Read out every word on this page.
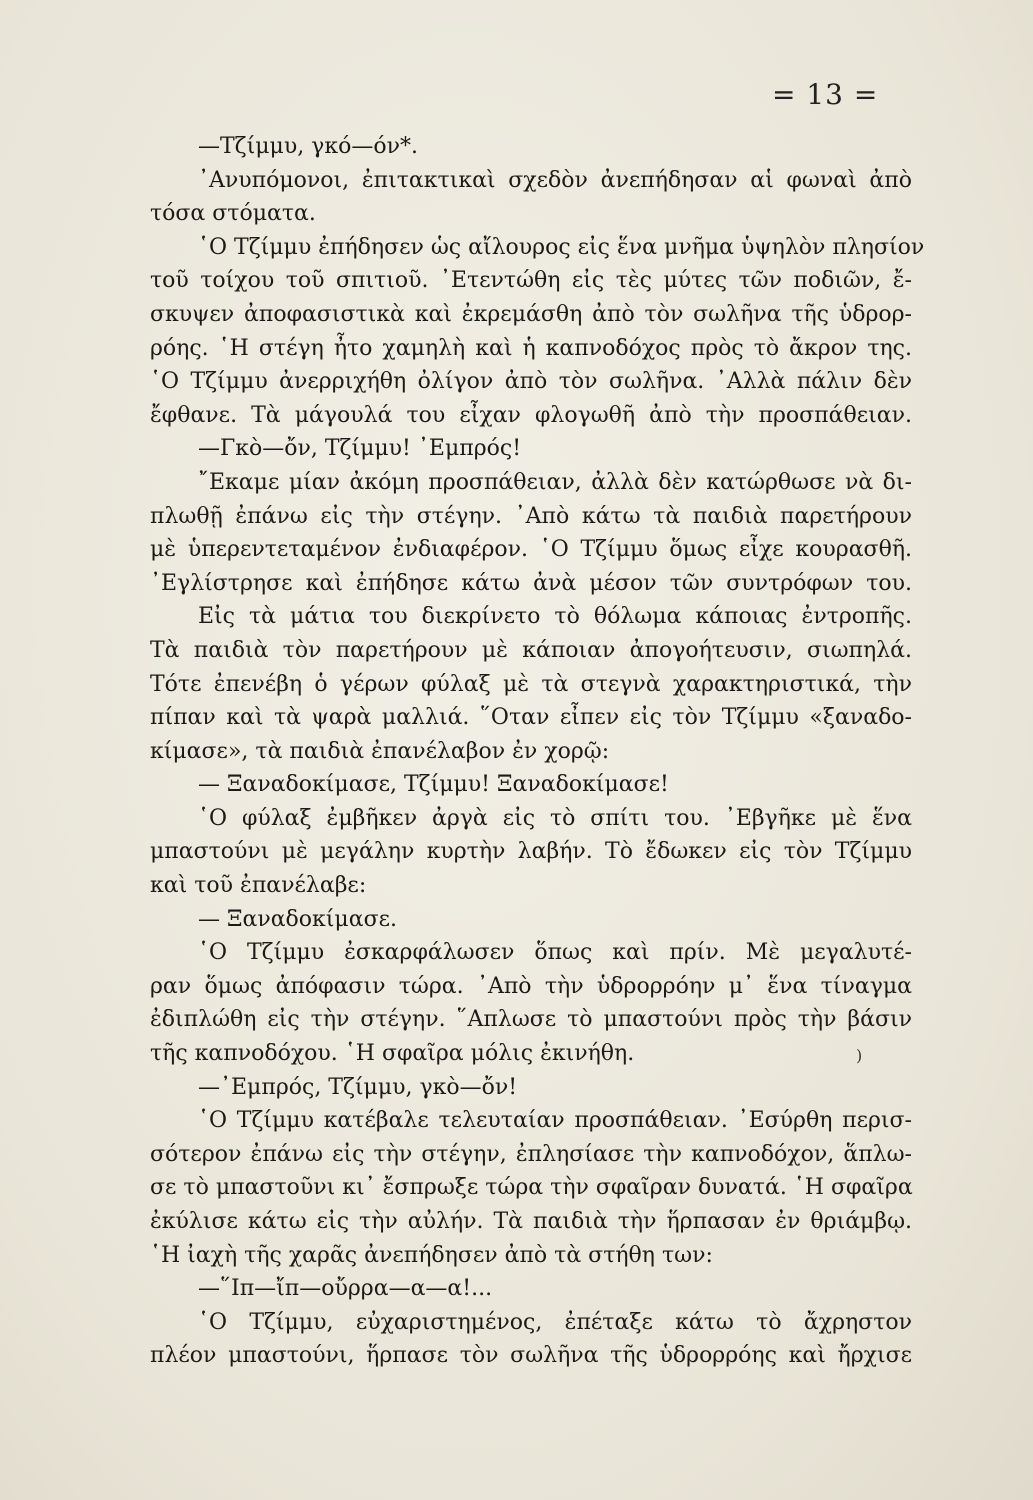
= 13 =
)
—Τζίμμυ, γκό—όν*.
᾿Ανυπόμονοι, ἐπιτακτικαὶ σχεδὸν ἀνεπήδησαν αἱ φωναὶ ἀπὸ
τόσα στόματα.
῾Ο Τζίμμυ ἐπήδησεν ὡς αἴλουρος εἰς ἕνα μνῆμα ὑψηλὸν πλησίον
τοῦ τοίχου τοῦ σπιτιοῦ. ᾿Ετεντώθη εἰς τὲς μύτες τῶν ποδιῶν, ἔ-
σκυψεν ἀποφασιστικὰ καὶ ἐκρεμάσθη ἀπὸ τὸν σωλῆνα τῆς ὑδρορ-
ρόης. ῾Η στέγη ἦτο χαμηλὴ καὶ ἡ καπνοδόχος πρὸς τὸ ἄκρον της.
῾Ο Τζίμμυ ἀνερριχήθη ὀλίγον ἀπὸ τὸν σωλῆνα. ᾿Αλλὰ πάλιν δὲν
ἔφθανε. Τὰ μάγουλά του εἶχαν φλογωθῆ ἀπὸ τὴν προσπάθειαν.
—Γκὸ—ὄν, Τζίμμυ! ᾿Εμπρός!
῎Εκαμε μίαν ἀκόμη προσπάθειαν, ἀλλὰ δὲν κατώρθωσε νὰ δι-
πλωθῇ ἐπάνω εἰς τὴν στέγην. ᾿Απὸ κάτω τὰ παιδιὰ παρετήρουν
μὲ ὑπερεντεταμένον ἐνδιαφέρον. ῾Ο Τζίμμυ ὅμως εἶχε κουρασθῆ.
᾿Εγλίστρησε καὶ ἐπήδησε κάτω ἀνὰ μέσον τῶν συντρόφων του.
Εἰς τὰ μάτια του διεκρίνετο τὸ θόλωμα κάποιας ἐντροπῆς.
Τὰ παιδιὰ τὸν παρετήρουν μὲ κάποιαν ἀπογοήτευσιν, σιωπηλά.
Τότε ἐπενέβη ὁ γέρων φύλαξ μὲ τὰ στεγνὰ χαρακτηριστικά, τὴν
πίπαν καὶ τὰ ψαρὰ μαλλιά. ῞Οταν εἶπεν εἰς τὸν Τζίμμυ «ξαναδο-
κίμασε», τὰ παιδιὰ ἐπανέλαβον ἐν χορῷ:
— Ξαναδοκίμασε, Τζίμμυ! Ξαναδοκίμασε!
῾Ο φύλαξ ἐμβῆκεν ἀργὰ εἰς τὸ σπίτι του. ᾿Εβγῆκε μὲ ἕνα
μπαστούνι μὲ μεγάλην κυρτὴν λαβήν. Τὸ ἔδωκεν εἰς τὸν Τζίμμυ
καὶ τοῦ ἐπανέλαβε:
— Ξαναδοκίμασε.
῾Ο Τζίμμυ ἐσκαρφάλωσεν ὅπως καὶ πρίν. Μὲ μεγαλυτέ-
ραν ὅμως ἀπόφασιν τώρα. ᾿Απὸ τὴν ὑδρορρόην μ᾿ ἕνα τίναγμα
ἐδιπλώθη εἰς τὴν στέγην. ῞Απλωσε τὸ μπαστούνι πρὸς τὴν βάσιν
τῆς καπνοδόχου. ῾Η σφαῖρα μόλις ἐκινήθη.
—᾿Εμπρός, Τζίμμυ, γκὸ—ὄν!
῾Ο Τζίμμυ κατέβαλε τελευταίαν προσπάθειαν. ᾿Εσύρθη περισ-
σότερον ἐπάνω εἰς τὴν στέγην, ἐπλησίασε τὴν καπνοδόχον, ἅπλω-
σε τὸ μπαστοῦνι κι᾿ ἔσπρωξε τώρα τὴν σφαῖραν δυνατά. ῾Η σφαῖρα
ἐκύλισε κάτω εἰς τὴν αὐλήν. Τὰ παιδιὰ τὴν ἥρπασαν ἐν θριάμβῳ.
῾Η ἰαχὴ τῆς χαρᾶς ἀνεπήδησεν ἀπὸ τὰ στήθη των:
—῞Ιπ—ἴπ—οὔρρα—α—α!...
῾Ο Τζίμμυ, εὐχαριστημένος, ἐπέταξε κάτω τὸ ἄχρηστον
πλέον μπαστούνι, ἥρπασε τὸν σωλῆνα τῆς ὑδρορρόης καὶ ἤρχισε
